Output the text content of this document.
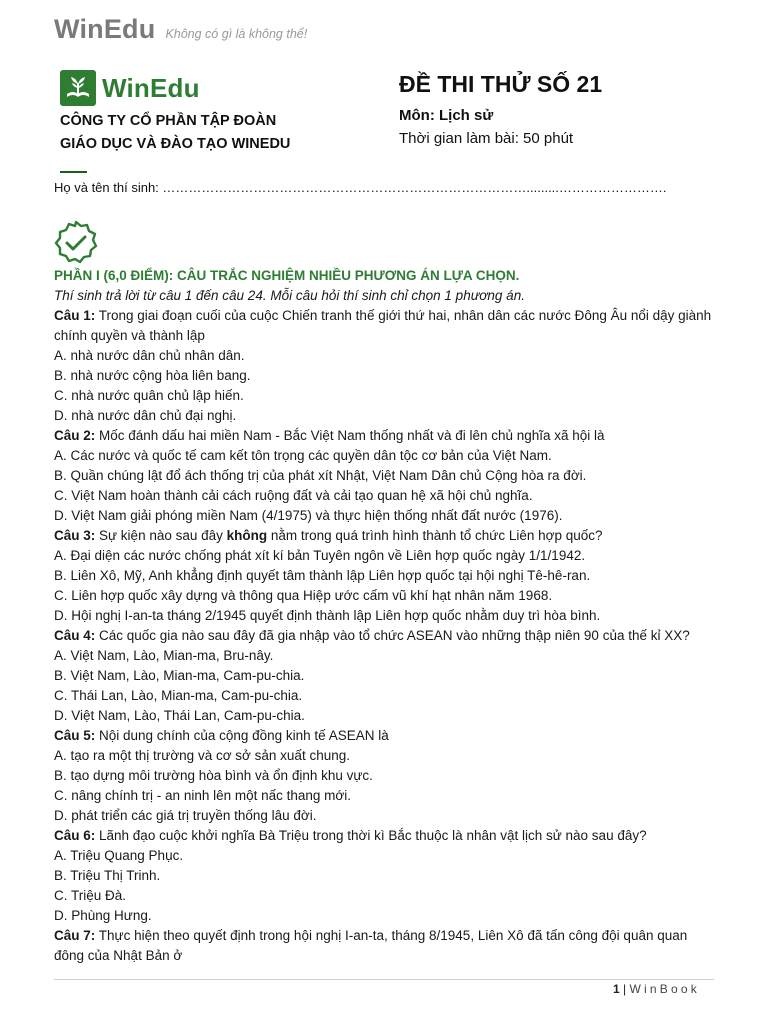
WinEdu Không có gì là không thể!
WinEdu
CÔNG TY CỔ PHẦN TẬP ĐOÀN
GIÁO DỤC VÀ ĐÀO TẠO WINEDU
ĐỀ THI THỬ SỐ 21
Môn: Lịch sử
Thời gian làm bài: 50 phút
Họ và tên thí sinh: ………………………………………………………………………….........…………………….

PHẦN I (6,0 ĐIỂM): CÂU TRẮC NGHIỆM NHIỀU PHƯƠNG ÁN LỰA CHỌN.

Thí sinh trả lời từ câu 1 đến câu 24. Mỗi câu hỏi thí sinh chỉ chọn 1 phương án.

Câu 1: Trong giai đoạn cuối của cuộc Chiến tranh thế giới thứ hai, nhân dân các nước Đông Âu nổi dậy giành chính quyền và thành lập

A. nhà nước dân chủ nhân dân.

B. nhà nước cộng hòa liên bang.

C. nhà nước quân chủ lập hiến.

D. nhà nước dân chủ đại nghị.

Câu 2: Mốc đánh dấu hai miền Nam - Bắc Việt Nam thống nhất và đi lên chủ nghĩa xã hội là

A. Các nước và quốc tế cam kết tôn trọng các quyền dân tộc cơ bản của Việt Nam.

B. Quần chúng lật đổ ách thống trị của phát xít Nhật, Việt Nam Dân chủ Cộng hòa ra đời.

C. Việt Nam hoàn thành cải cách ruộng đất và cải tạo quan hệ xã hội chủ nghĩa.

D. Việt Nam giải phóng miền Nam (4/1975) và thực hiện thống nhất đất nước (1976).

Câu 3: Sự kiện nào sau đây không nằm trong quá trình hình thành tổ chức Liên hợp quốc?

A. Đại diện các nước chống phát xít kí bản Tuyên ngôn về Liên hợp quốc ngày 1/1/1942.

B. Liên Xô, Mỹ, Anh khẳng định quyết tâm thành lập Liên hợp quốc tại hội nghị Tê-hê-ran.

C. Liên hợp quốc xây dựng và thông qua Hiệp ước cấm vũ khí hạt nhân năm 1968.

D. Hội nghị I-an-ta tháng 2/1945 quyết định thành lập Liên hợp quốc nhằm duy trì hòa bình.

Câu 4: Các quốc gia nào sau đây đã gia nhập vào tổ chức ASEAN vào những thập niên 90 của thế kỉ XX?

A. Việt Nam, Lào, Mian-ma, Bru-nây.

B. Việt Nam, Lào, Mian-ma, Cam-pu-chia.

C. Thái Lan, Lào, Mian-ma, Cam-pu-chia.

D. Việt Nam, Lào, Thái Lan, Cam-pu-chia.

Câu 5: Nội dung chính của cộng đồng kinh tế ASEAN là

A. tạo ra một thị trường và cơ sở sản xuất chung.

B. tạo dựng môi trường hòa bình và ổn định khu vực.

C. nâng chính trị - an ninh lên một nấc thang mới.

D. phát triển các giá trị truyền thống lâu đời.

Câu 6: Lãnh đạo cuộc khởi nghĩa Bà Triệu trong thời kì Bắc thuộc là nhân vật lịch sử nào sau đây?

A. Triệu Quang Phục.

B. Triệu Thị Trinh.

C. Triệu Đà.

D. Phùng Hưng.

Câu 7: Thực hiện theo quyết định trong hội nghị I-an-ta, tháng 8/1945, Liên Xô đã tấn công đội quân quan đông của Nhật Bản ở

1 | WinBook
